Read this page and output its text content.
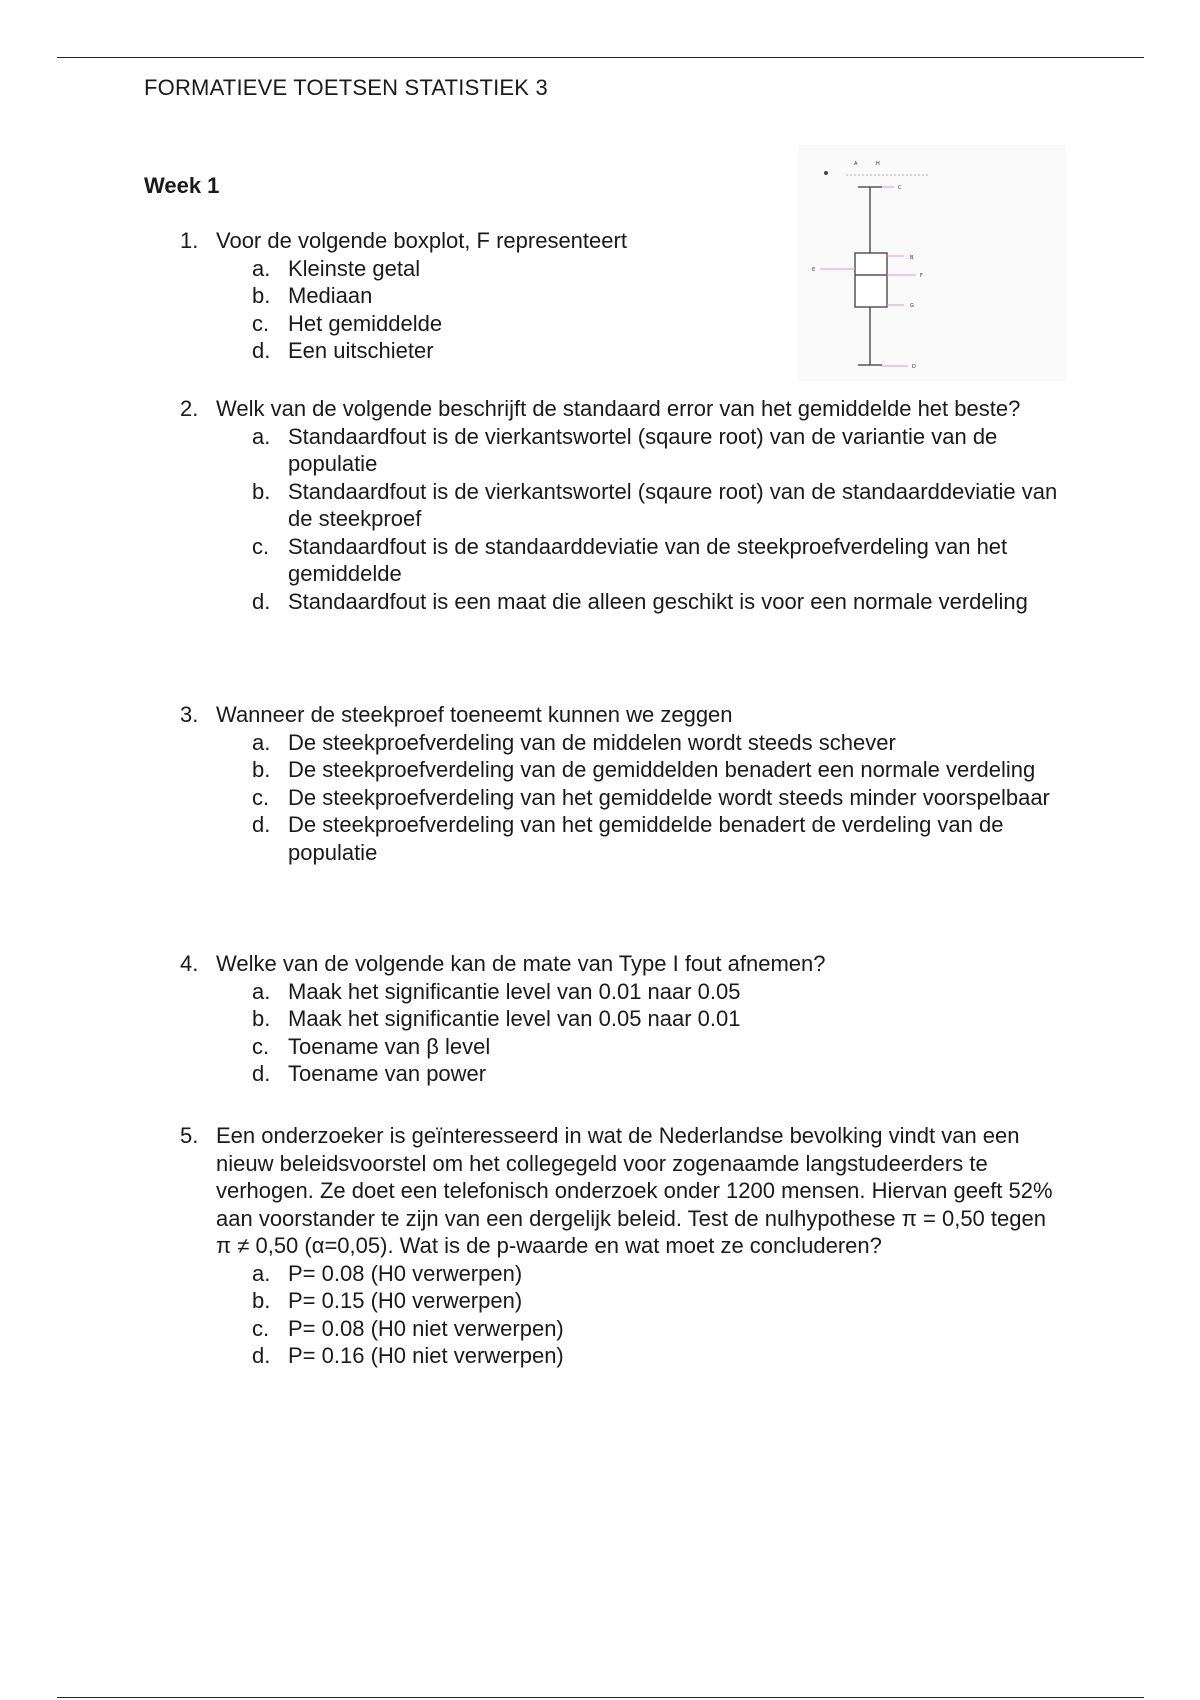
FORMATIEVE TOETSEN STATISTIEK 3
Week 1
A
B
C
D
E
F
G
H
1. Voor de volgende boxplot, F representeert
a. Kleinste getal
b. Mediaan
c. Het gemiddelde
d. Een uitschieter
2. Welk van de volgende beschrijft de standaard error van het gemiddelde het beste?
a. Standaardfout is de vierkantswortel (sqaure root) van de variantie van de populatie
b. Standaardfout is de vierkantswortel (sqaure root) van de standaarddeviatie van de steekproef
c. Standaardfout is de standaarddeviatie van de steekproefverdeling van het gemiddelde
d. Standaardfout is een maat die alleen geschikt is voor een normale verdeling
3. Wanneer de steekproef toeneemt kunnen we zeggen
a. De steekproefverdeling van de middelen wordt steeds schever
b. De steekproefverdeling van de gemiddelden benadert een normale verdeling
c. De steekproefverdeling van het gemiddelde wordt steeds minder voorspelbaar
d. De steekproefverdeling van het gemiddelde benadert de verdeling van de populatie
4. Welke van de volgende kan de mate van Type I fout afnemen?
a. Maak het significantie level van 0.01 naar 0.05
b. Maak het significantie level van 0.05 naar 0.01
c. Toename van β level
d. Toename van power
5. Een onderzoeker is geïnteresseerd in wat de Nederlandse bevolking vindt van een nieuw beleidsvoorstel om het collegegeld voor zogenaamde langstudeerders te verhogen. Ze doet een telefonisch onderzoek onder 1200 mensen. Hiervan geeft 52% aan voorstander te zijn van een dergelijk beleid. Test de nulhypothese π = 0,50 tegen π ≠ 0,50 (α=0,05). Wat is de p-waarde en wat moet ze concluderen?
a. P= 0.08 (H0 verwerpen)
b. P= 0.15 (H0 verwerpen)
c. P= 0.08 (H0 niet verwerpen)
d. P= 0.16 (H0 niet verwerpen)
